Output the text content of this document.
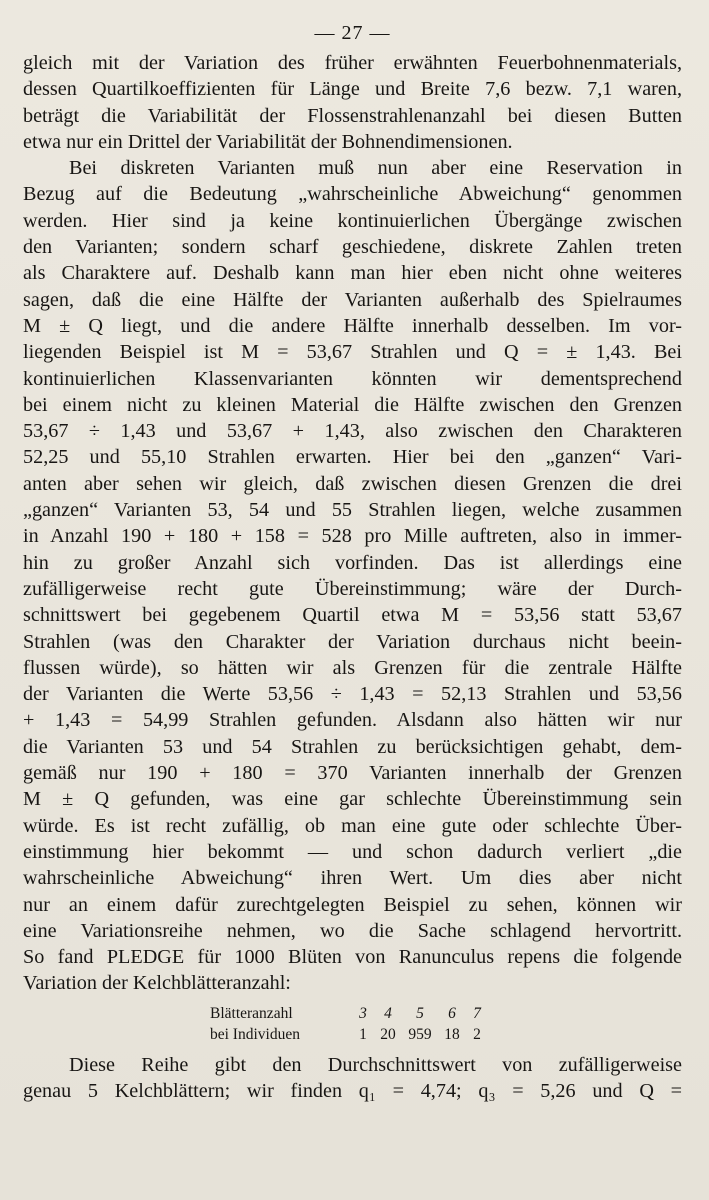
— 27 —
gleich mit der Variation des früher erwähnten Feuerbohnenmaterials,
dessen Quartilkoeffizienten für Länge und Breite 7,6 bezw. 7,1 waren,
beträgt die Variabilität der Flossenstrahlenanzahl bei diesen Butten
etwa nur ein Drittel der Variabilität der Bohnendimensionen.
Bei diskreten Varianten muß nun aber eine Reservation in
Bezug auf die Bedeutung „wahrscheinliche Abweichung“ genommen
werden. Hier sind ja keine kontinuierlichen Übergänge zwischen
den Varianten; sondern scharf geschiedene, diskrete Zahlen treten
als Charaktere auf. Deshalb kann man hier eben nicht ohne weiteres
sagen, daß die eine Hälfte der Varianten außerhalb des Spielraumes
M ± Q liegt, und die andere Hälfte innerhalb desselben. Im vor-
liegenden Beispiel ist M = 53,67 Strahlen und Q = ± 1,43. Bei
kontinuierlichen Klassenvarianten könnten wir dementsprechend
bei einem nicht zu kleinen Material die Hälfte zwischen den Grenzen
53,67 ÷ 1,43 und 53,67 + 1,43, also zwischen den Charakteren
52,25 und 55,10 Strahlen erwarten. Hier bei den „ganzen“ Vari-
anten aber sehen wir gleich, daß zwischen diesen Grenzen die drei
„ganzen“ Varianten 53, 54 und 55 Strahlen liegen, welche zusammen
in Anzahl 190 + 180 + 158 = 528 pro Mille auftreten, also in immer-
hin zu großer Anzahl sich vorfinden. Das ist allerdings eine
zufälligerweise recht gute Übereinstimmung; wäre der Durch-
schnittswert bei gegebenem Quartil etwa M = 53,56 statt 53,67
Strahlen (was den Charakter der Variation durchaus nicht beein-
flussen würde), so hätten wir als Grenzen für die zentrale Hälfte
der Varianten die Werte 53,56 ÷ 1,43 = 52,13 Strahlen und 53,56
+ 1,43 = 54,99 Strahlen gefunden. Alsdann also hätten wir nur
die Varianten 53 und 54 Strahlen zu berücksichtigen gehabt, dem-
gemäß nur 190 + 180 = 370 Varianten innerhalb der Grenzen
M ± Q gefunden, was eine gar schlechte Übereinstimmung sein
würde. Es ist recht zufällig, ob man eine gute oder schlechte Über-
einstimmung hier bekommt — und schon dadurch verliert „die
wahrscheinliche Abweichung“ ihren Wert. Um dies aber nicht
nur an einem dafür zurechtgelegten Beispiel zu sehen, können wir
eine Variationsreihe nehmen, wo die Sache schlagend hervortritt.
So fand PLEDGE für 1000 Blüten von Ranunculus repens die folgende
Variation der Kelchblätteranzahl:
Blätteranzahl	3 4	5	6 7
bei Individuen	1 20 959 18 2
Diese Reihe gibt den Durchschnittswert von zufälligerweise
genau 5 Kelchblättern; wir finden q₁ = 4,74; q₃ = 5,26 und Q =
